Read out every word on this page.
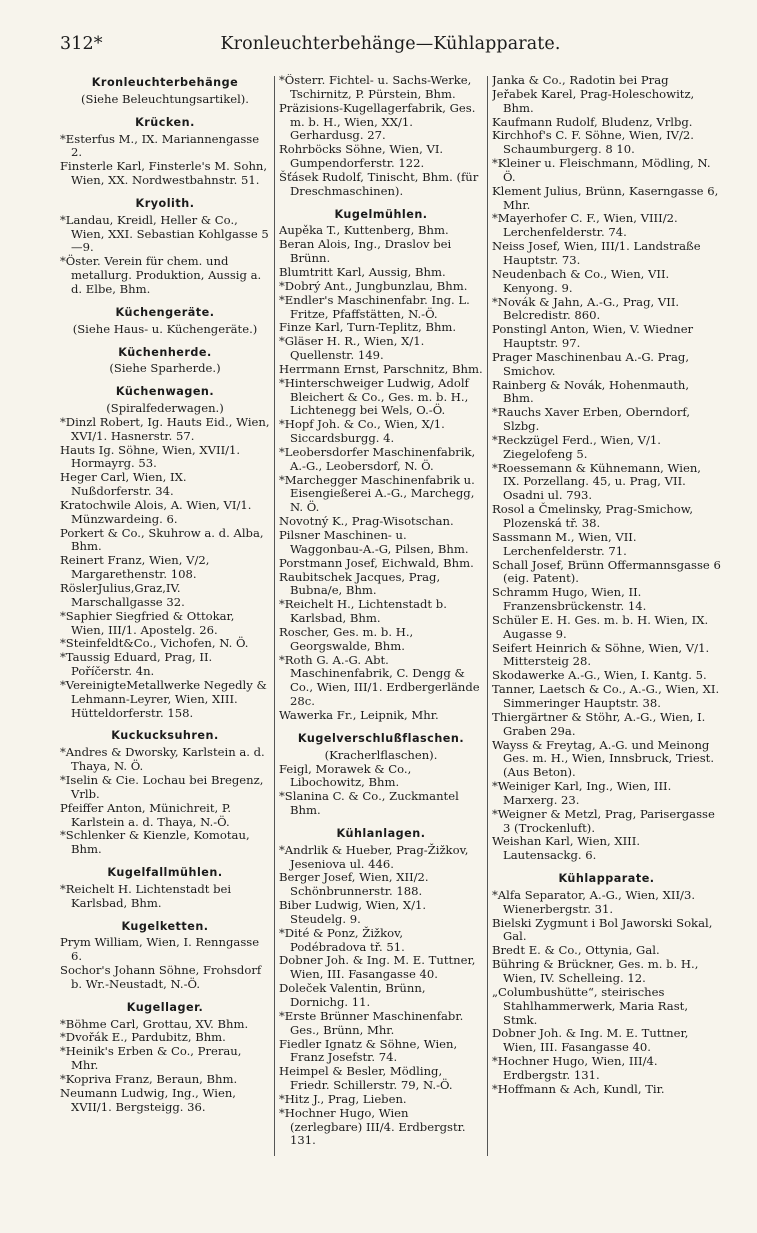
312*	Kronleuchterbehänge—Kühlapparate.
Kronleuchterbehänge
(Siehe Beleuchtungsartikel).
Krücken.
*Esterfus M., IX. Mariannengasse 2.
Finsterle Karl, Finsterle's M. Sohn, Wien, XX. Nordwestbahnstr. 51.
Kryolith.
*Landau, Kreidl, Heller & Co., Wien, XXI. Sebastian Kohlgasse 5—9.
*Öster. Verein für chem. und metallurg. Produktion, Aussig a. d. Elbe, Bhm.
Küchengeräte.
(Siehe Haus- u. Küchengeräte.)
Küchenherde.
(Siehe Sparherde.)
Küchenwagen.
(Spiralfederwagen.)
*Dinzl Robert, Ig. Hauts Eid., Wien, XVI/1. Hasnerstr. 57.
Hauts Ig. Söhne, Wien, XVII/1. Hormayrg. 53.
Heger Carl, Wien, IX. Nußdorferstr. 34.
Kratochwile Alois, A. Wien, VI/1. Münzwardeing. 6.
Porkert & Co., Skuhrow a. d. Alba, Bhm.
Reinert Franz, Wien, V/2, Margarethenstr. 108.
RöslerJulius,Graz,IV. Marschallgasse 32.
*Saphier Siegfried & Ottokar, Wien, III/1. Apostelg. 26.
*Steinfeldt&Co., Vichofen, N. Ö.
*Taussig Eduard, Prag, II. Poříčerstr. 4n.
*VereinigteMetallwerke Negedly & Lehmann-Leyrer, Wien, XIII. Hütteldorferstr. 158.
Kuckucksuhren.
*Andres & Dworsky, Karlstein a. d. Thaya, N. Ö.
*Iselin & Cie. Lochau bei Bregenz, Vrlb.
Pfeiffer Anton, Münichreit, P. Karlstein a. d. Thaya, N.-Ö.
*Schlenker & Kienzle, Komotau, Bhm.
Kugelfallmühlen.
*Reichelt H. Lichtenstadt bei Karlsbad, Bhm.
Kugelketten.
Prym William, Wien, I. Renngasse 6.
Sochor's Johann Söhne, Frohsdorf b. Wr.-Neustadt, N.-Ö.
Kugellager.
*Böhme Carl, Grottau, XV. Bhm.
*Dvořák E., Pardubitz, Bhm.
*Heinik's Erben & Co., Prerau, Mhr.
*Kopriva Franz, Beraun, Bhm.
Neumann Ludwig, Ing., Wien, XVII/1. Bergsteigg. 36.
*Österr. Fichtel- u. Sachs-Werke, Tschirnitz, P. Pürstein, Bhm.
Präzisions-Kugellagerfabrik, Ges. m. b. H., Wien, XX/1. Gerhardusg. 27.
Rohrböcks Söhne, Wien, VI. Gumpendorferstr. 122.
Šťásek Rudolf, Tinischt, Bhm. (für Dreschmaschinen).
Kugelmühlen.
Aupěka T., Kuttenberg, Bhm.
Beran Alois, Ing., Draslov bei Brünn.
Blumtritt Karl, Aussig, Bhm.
*Dobrý Ant., Jungbunzlau, Bhm.
*Endler's Maschinenfabr. Ing. L. Fritze, Pfaffstätten, N.-Ö.
Finze Karl, Turn-Teplitz, Bhm.
*Gläser H. R., Wien, X/1. Quellenstr. 149.
Herrmann Ernst, Parschnitz, Bhm.
*Hinterschweiger Ludwig, Adolf Bleichert & Co., Ges. m. b. H., Lichtenegg bei Wels, O.-Ö.
*Hopf Joh. & Co., Wien, X/1. Siccardsburgg. 4.
*Leobersdorfer Maschinenfabrik, A.-G., Leobersdorf, N. Ö.
*Marchegger Maschinenfabrik u. Eisengießerei A.-G., Marchegg, N. Ö.
Novotný K., Prag-Wisotschan.
Pilsner Maschinen- u. Waggonbau-A.-G, Pilsen, Bhm.
Porstmann Josef, Eichwald, Bhm.
Raubitschek Jacques, Prag, Bubna/e, Bhm.
*Reichelt H., Lichtenstadt b. Karlsbad, Bhm.
Roscher, Ges. m. b. H., Georgswalde, Bhm.
*Roth G. A.-G. Abt. Maschinenfabrik, C. Dengg & Co., Wien, III/1. Erdbergerlände 28c.
Wawerka Fr., Leipnik, Mhr.
Kugelverschlußflaschen.
(Kracherlflaschen).
Feigl, Morawek & Co., Libochowitz, Bhm.
*Slanina C. & Co., Zuckmantel Bhm.
Kühlanlagen.
*Andrlik & Hueber, Prag-Žižkov, Jeseniova ul. 446.
Berger Josef, Wien, XII/2. Schönbrunnerstr. 188.
Biber Ludwig, Wien, X/1. Steudelg. 9.
*Dité & Ponz, Žižkov, Podébradova tř. 51.
Dobner Joh. & Ing. M. E. Tuttner, Wien, III. Fasangasse 40.
Doleček Valentin, Brünn, Dornichg. 11.
*Erste Brünner Maschinenfabr. Ges., Brünn, Mhr.
Fiedler Ignatz & Söhne, Wien, Franz Josefstr. 74.
Heimpel & Besler, Mödling, Friedr. Schillerstr. 79, N.-Ö.
*Hitz J., Prag, Lieben.
*Hochner Hugo, Wien (zerlegbare) III/4. Erdbergstr. 131.
Janka & Co., Radotin bei Prag
Jeřabek Karel, Prag-Holeschowitz, Bhm.
Kaufmann Rudolf, Bludenz, Vrlbg.
Kirchhof's C. F. Söhne, Wien, IV/2. Schaumburgerg. 8 10.
*Kleiner u. Fleischmann, Mödling, N. Ö.
Klement Julius, Brünn, Kaserngasse 6, Mhr.
*Mayerhofer C. F., Wien, VIII/2. Lerchenfelderstr. 74.
Neiss Josef, Wien, III/1. Landstraße Hauptstr. 73.
Neudenbach & Co., Wien, VII. Kenyong. 9.
*Novák & Jahn, A.-G., Prag, VII. Belcredistr. 860.
Ponstingl Anton, Wien, V. Wiedner Hauptstr. 97.
Prager Maschinenbau A.-G. Prag, Smichov.
Rainberg & Novák, Hohenmauth, Bhm.
*Rauchs Xaver Erben, Oberndorf, Slzbg.
*Reckzügel Ferd., Wien, V/1. Ziegelofeng 5.
*Roessemann & Kühnemann, Wien, IX. Porzellang. 45, u. Prag, VII. Osadni ul. 793.
Rosol a Čmelinsky, Prag-Smichow, Plozenská tř. 38.
Sassmann M., Wien, VII. Lerchenfelderstr. 71.
Schall Josef, Brünn Offermannsgasse 6 (eig. Patent).
Schramm Hugo, Wien, II. Franzensbrückenstr. 14.
Schüler E. H. Ges. m. b. H. Wien, IX. Augasse 9.
Seifert Heinrich & Söhne, Wien, V/1. Mittersteig 28.
Skodawerke A.-G., Wien, I. Kantg. 5.
Tanner, Laetsch & Co., A.-G., Wien, XI. Simmeringer Hauptstr. 38.
Thiergärtner & Stöhr, A.-G., Wien, I. Graben 29a.
Wayss & Freytag, A.-G. und Meinong Ges. m. H., Wien, Innsbruck, Triest. (Aus Beton).
*Weiniger Karl, Ing., Wien, III. Marxerg. 23.
*Weigner & Metzl, Prag, Parisergasse 3 (Trockenluft).
Weishan Karl, Wien, XIII. Lautensackg. 6.
Kühlapparate.
*Alfa Separator, A.-G., Wien, XII/3. Wienerbergstr. 31.
Bielski Zygmunt i Bol Jaworski Sokal, Gal.
Bredt E. & Co., Ottynia, Gal.
Bühring & Brückner, Ges. m. b. H., Wien, IV. Schelleing. 12.
„Columbushütte“, steirisches Stahlhammerwerk, Maria Rast, Stmk.
Dobner Joh. & Ing. M. E. Tuttner, Wien, III. Fasangasse 40.
*Hochner Hugo, Wien, III/4. Erdbergstr. 131.
*Hoffmann & Ach, Kundl, Tir.
